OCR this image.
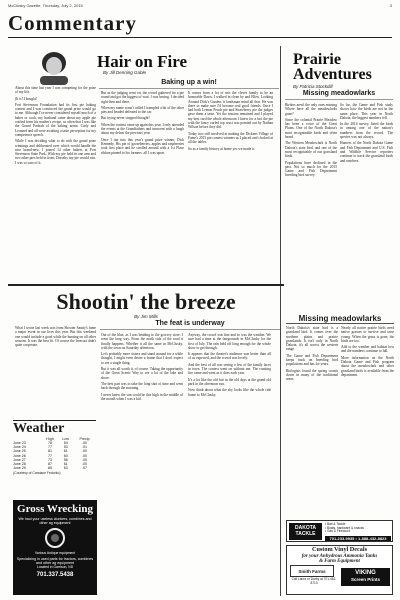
McClusky Gazette, Thursday, July 2, 2015	3
Commentary
Hair on Fire
By Jill Denning Gable
Baking up a win!

About this time last year I was competing for the prize of my life.

(It is! I bought!

Fort Stevenson Foundation had its first pie baking contest and I was convinced the grand prize would go to me. Although I've never considered myself much of a baker or cook, my husband came about my apple pie crafted from his mother's recipe, so often that I was like the Grand Poobah of the baking arena. Carly and Leonard and all were awaiting a taste perception for my competence speech.

While I was deciding what to do with the grand prize winnings and deliberated over which would handle the nice brand-new, I joined 14 other bakers at Fort Stevenson State Park. With my pie held in one arm and two other pies held in front, Dorothy my pie would win. I was so sure of it.

But as the judging went on, the crowd gathered for a pie round and got the biggest of wait. I was having. I decided right then and there.

When my name wasn't called I trampled a bit of the other pies and headed defeated to the car.

But trying never stopped thought!

When the contest came up again this year, I only attended the events at the Grandfathers and innocent with a laugh about my defeat the previous year.

Once I ran into this year's grand prize winner, Dick Kennedy. His pie of gooseberries, apples and raspberries took first place and he strolled around with a 1st Place ribbon pinned to his farmers. all I was upset.

It comes from a lot of mis the clever family to be an honorable Davis, I walked in clean by and Ellen. Looking Around Dick's Garden, it landsman mind all that. He was there to make sure I'd become real good friends. Once I had both Lemon Peach pie and Strawberry pie the judges gave them a taste. Yet the tension remained and I played my best card the whole afternoon. I knew for a fact the pie with the fancy curled top crust was pointed out by Nathan Wilson before they did.

Today two still involved at making the Dickens Village of Fame's 2015 pie contest winners as I placed and clocked at all the tables.

So as a family history at home yes we made it.

Prairie Adventures
By Patricia Stockdill
Missing meadowlarks

Birders aren't the only ones missing Where have all the meadowlarks gone?

Since the colonial Prairie Meadow has been a voice of the Great Plains. One of the North Dakota's most recognizable birds and often heard.

The Western Meadowlark is North Dakota's state bird, and one of the most recognizable of our grassland birds.

Populations have declined in the past. Not so much for the 2015 Game and Fish Department breeding bird survey.

So far, the Game and Fish study shows how the birds are not in the same place. This year in North Dakota, the biggest numbers fell.

In the 2014 survey, listed the birds in among one of the nation's numbers from the record. The species was not always.

Hunters of the North Dakota Game and Fish Department and U.S. Fish and Wildlife Service reporters continue to track the grassland birds and ranchers.

Shootin' the breeze
By Jim Mills
The feat is underway

What I wrote last week was from Shooter Sanity's fame a major event in our lives this year. But this weekend one would include a good while the hunting on all other seasons. It was the best fit. Of course the forecast didn't quite cooperate.

Out of the blue, as I was heading to the grocery store, I went the long way. From the north side of the road it finally happens. Whether it all the same in McClusky, with the town on Saturday afternoon.

Let's probably more sisters and stand around for a while thought, I might even desire a frame that I don't expect to see a single thing.

But it was all worth it, of course. Taking the opportunity of the Great Scenic Way to see a lot of the lake and shore.

The best part was to take the long shot of time and went back through the morning.

I never knew the sun could be this high in the middle of the month when I was a kid.

Anyway, the crowd was fine and so was the weather. We sure had a time at the fairgrounds in McClusky for the first of July. The rain held off long enough for the whole show to get through.

It appears that the theater's audience was better than all of us expected, and the crowd was lovely.

And the best of all was seeing a few of the family faces in town. The contest went on without me. The roasting fire came and went as it does each year.

It's a lot like the old fair in the old days at the grand old park in the afternoon sun.

Now think about what the sky looks like the whole ride home to McClusky.

Weather
	High	Low	Precip
June 23	78	54	.00
June 24	77	53	.01
June 25	81	61	.00
June 26	77	60	.00
June 27	73	56	.00
June 28	87	61	.00
June 29	85	63	.07
(Courtesy of Candace Fedorko)
Gross Wrecking
We haul your useless clunkers, combines and other ag equipment
Various Antique equipment
Specializing in used parts for tractors, combines and other ag equipment
Located in Garrison, ND
701.337.5438
Missing meadowlarks

North Dakota's state bird is a grassland bird. It comes over the northern plains and prairie grasslands. It isn't only in North Dakota, it's all across the western range.

The Game and Fish Department keeps track on breeding bird populations and has for years.

Biologists found the spring counts down in many of the traditional areas.

Nearly all native prairie birds need native grasses to survive and raise young. When the grass is gone, the birds are too.

Add to the weather and habitat loss and the numbers continue to fall.

More information on the North Dakota Game and Fish program about the meadowlark and other grassland birds is available from the department.

DAKOTA
TACKLE
• Bait & Tackle
• Boats, hardware & snacks
• Gas & Firewood
701-233-9935 • 1-888-432-8823
Custom Vinyl Decals
for your Anhydrous Ammonia Tanks
& Farm Equipment
Smith Farms
Call Laura or Darby at 701-462-8713
VIKING
Screen Prints
